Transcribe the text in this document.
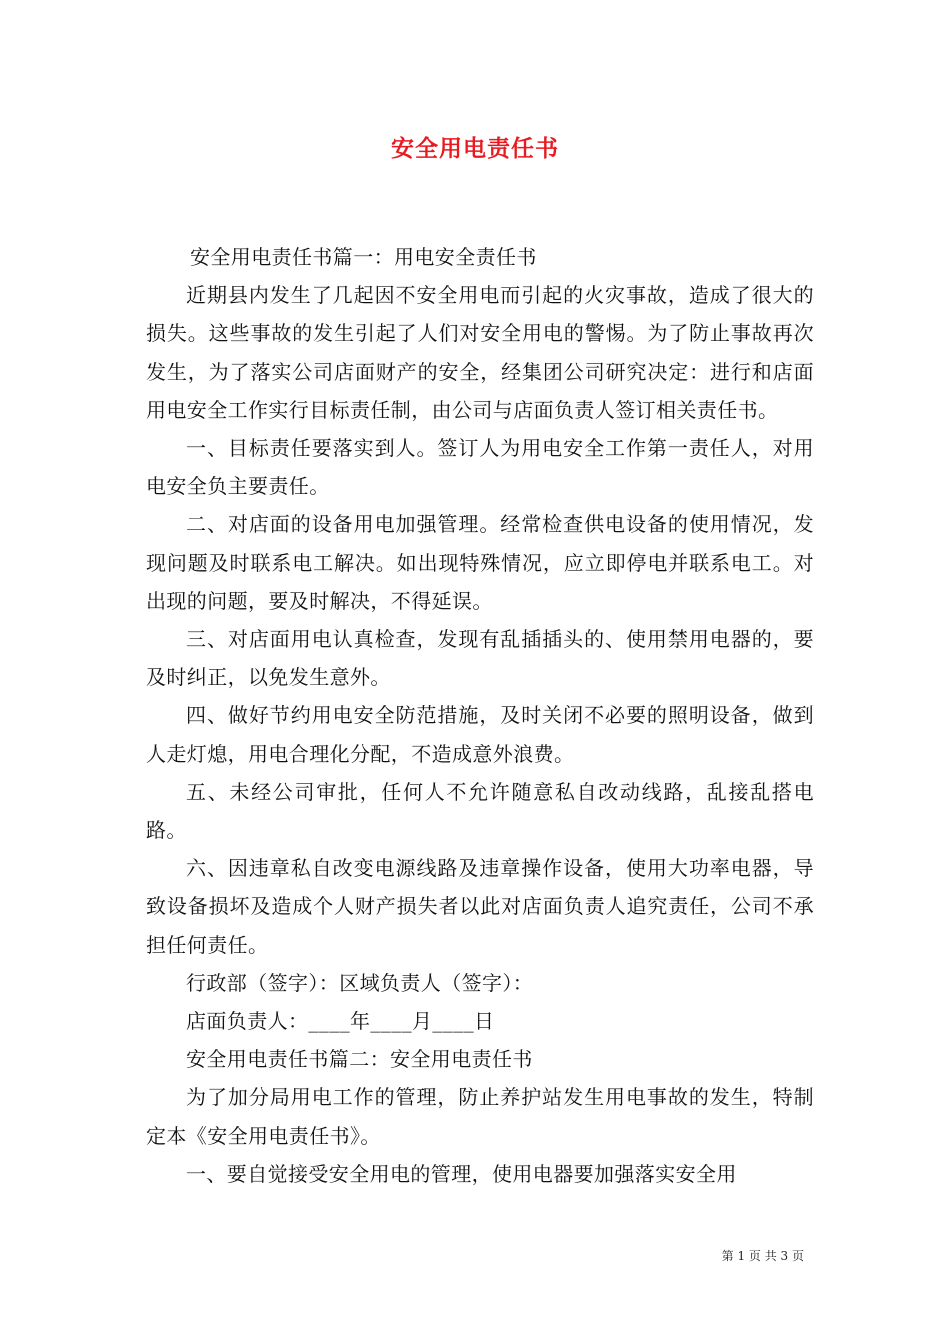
安全用电责任书

安全用电责任书篇一：用电安全责任书

近期县内发生了几起因不安全用电而引起的火灾事故，造成了很大的损失。这些事故的发生引起了人们对安全用电的警惕。为了防止事故再次发生，为了落实公司店面财产的安全，经集团公司研究决定：进行和店面用电安全工作实行目标责任制，由公司与店面负责人签订相关责任书。

一、目标责任要落实到人。签订人为用电安全工作第一责任人，对用电安全负主要责任。

二、对店面的设备用电加强管理。经常检查供电设备的使用情况，发现问题及时联系电工解决。如出现特殊情况，应立即停电并联系电工。对出现的问题，要及时解决，不得延误。

三、对店面用电认真检查，发现有乱插插头的、使用禁用电器的，要及时纠正，以免发生意外。

四、做好节约用电安全防范措施，及时关闭不必要的照明设备，做到人走灯熄，用电合理化分配，不造成意外浪费。

五、未经公司审批，任何人不允许随意私自改动线路，乱接乱搭电路。

六、因违章私自改变电源线路及违章操作设备，使用大功率电器，导致设备损坏及造成个人财产损失者以此对店面负责人追究责任，公司不承担任何责任。

行政部（签字）：区域负责人（签字）：

店面负责人：____年____月____日

安全用电责任书篇二：安全用电责任书

为了加分局用电工作的管理，防止养护站发生用电事故的发生，特制定本《安全用电责任书》。

一、要自觉接受安全用电的管理，使用电器要加强落实安全用

第 1 页 共 3 页
